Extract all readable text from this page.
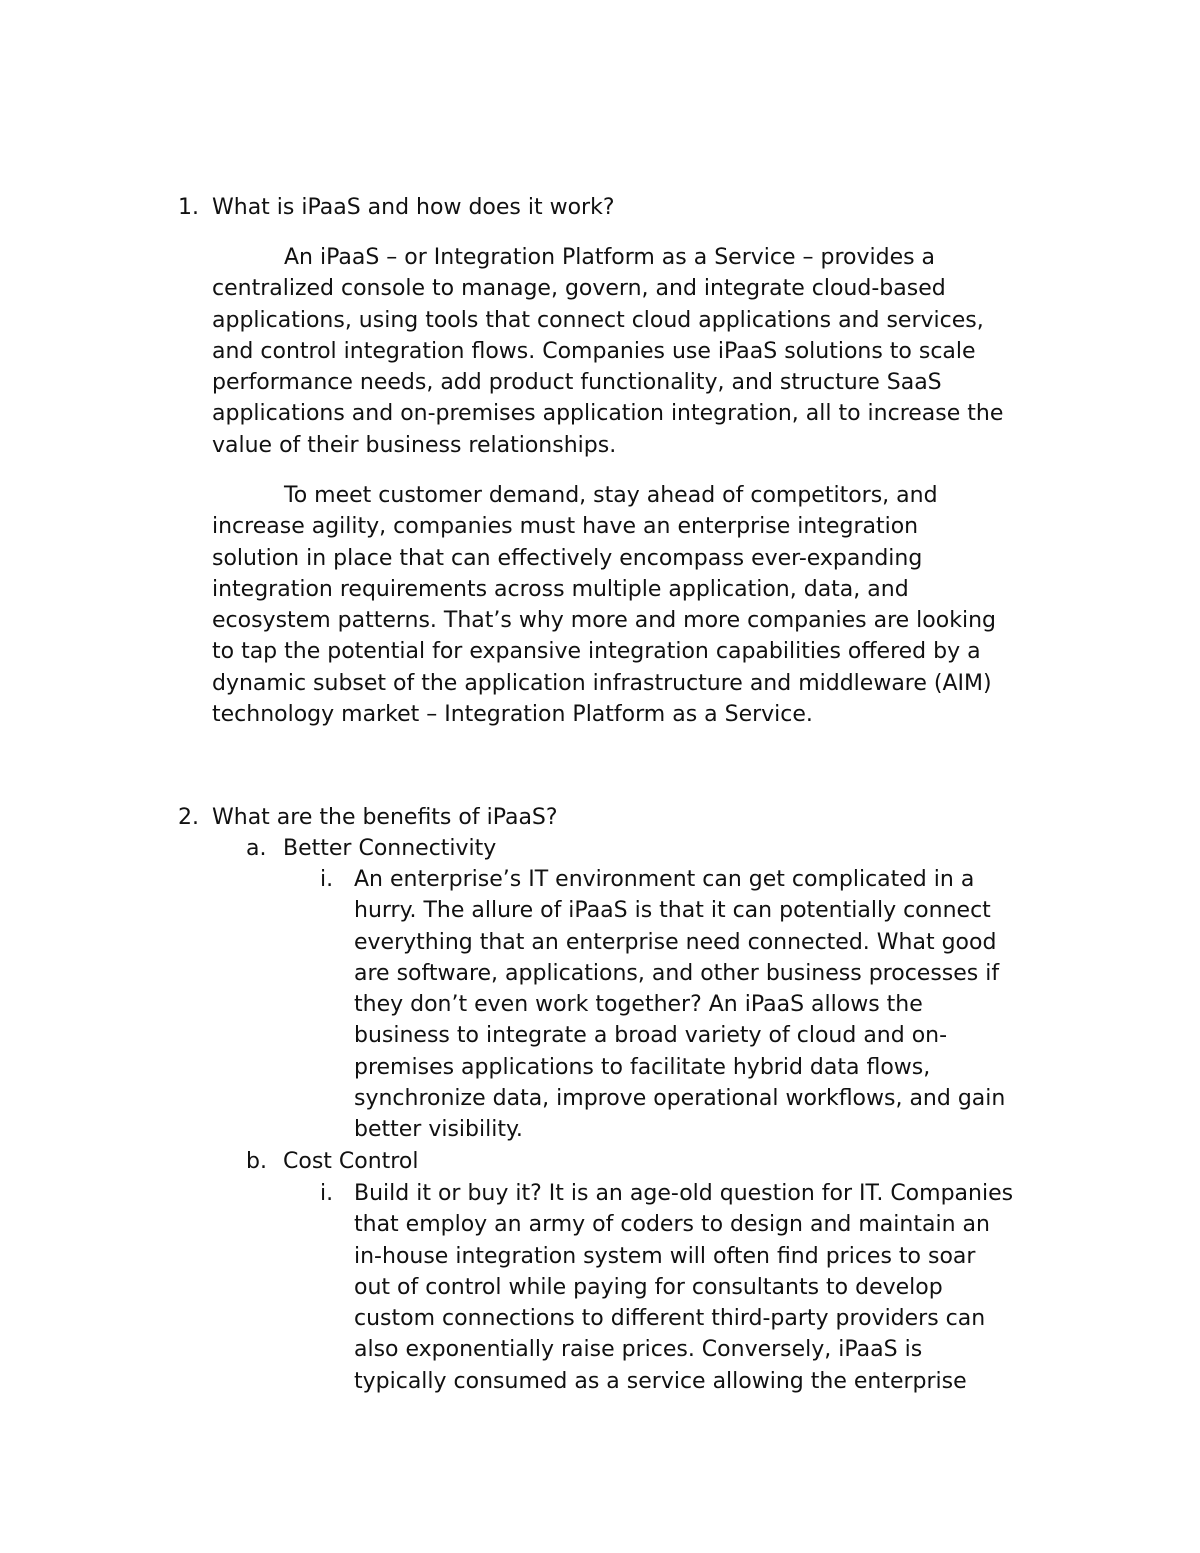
1. What is iPaaS and how does it work?
An iPaaS – or Integration Platform as a Service – provides a
centralized console to manage, govern, and integrate cloud-based
applications, using tools that connect cloud applications and services,
and control integration flows. Companies use iPaaS solutions to scale
performance needs, add product functionality, and structure SaaS
applications and on-premises application integration, all to increase the
value of their business relationships.
To meet customer demand, stay ahead of competitors, and
increase agility, companies must have an enterprise integration
solution in place that can effectively encompass ever-expanding
integration requirements across multiple application, data, and
ecosystem patterns. That’s why more and more companies are looking
to tap the potential for expansive integration capabilities offered by a
dynamic subset of the application infrastructure and middleware (AIM)
technology market – Integration Platform as a Service.
2. What are the benefits of iPaaS?
a. Better Connectivity
i. An enterprise’s IT environment can get complicated in a
hurry. The allure of iPaaS is that it can potentially connect
everything that an enterprise need connected. What good
are software, applications, and other business processes if
they don’t even work together? An iPaaS allows the
business to integrate a broad variety of cloud and on-
premises applications to facilitate hybrid data flows,
synchronize data, improve operational workflows, and gain
better visibility.
b. Cost Control
i. Build it or buy it? It is an age-old question for IT. Companies
that employ an army of coders to design and maintain an
in-house integration system will often find prices to soar
out of control while paying for consultants to develop
custom connections to different third-party providers can
also exponentially raise prices. Conversely, iPaaS is
typically consumed as a service allowing the enterprise
